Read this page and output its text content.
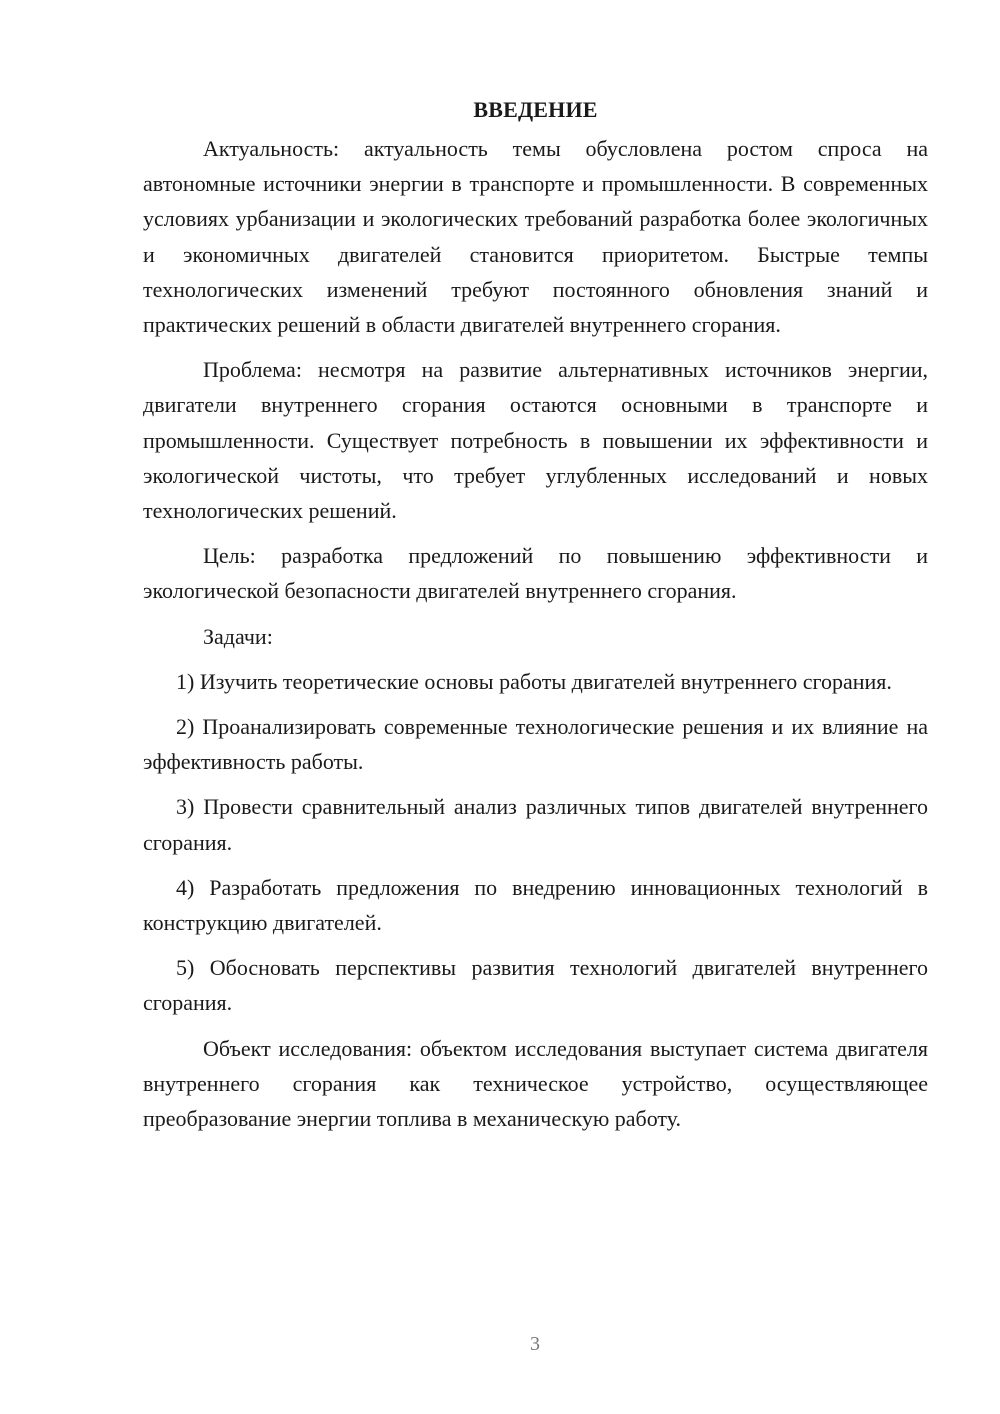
ВВЕДЕНИЕ

Актуальность: актуальность темы обусловлена ростом спроса на автономные источники энергии в транспорте и промышленности. В современных условиях урбанизации и экологических требований разработка более экологичных и экономичных двигателей становится приоритетом. Быстрые темпы технологических изменений требуют постоянного обновления знаний и практических решений в области двигателей внутреннего сгорания.

Проблема: несмотря на развитие альтернативных источников энергии, двигатели внутреннего сгорания остаются основными в транспорте и промышленности. Существует потребность в повышении их эффективности и экологической чистоты, что требует углубленных исследований и новых технологических решений.

Цель: разработка предложений по повышению эффективности и экологической безопасности двигателей внутреннего сгорания.

Задачи:

1) Изучить теоретические основы работы двигателей внутреннего сгорания.

2) Проанализировать современные технологические решения и их влияние на эффективность работы.

3) Провести сравнительный анализ различных типов двигателей внутреннего сгорания.

4) Разработать предложения по внедрению инновационных технологий в конструкцию двигателей.

5) Обосновать перспективы развития технологий двигателей внутреннего сгорания.

Объект исследования: объектом исследования выступает система двигателя внутреннего сгорания как техническое устройство, осуществляющее преобразование энергии топлива в механическую работу.

3
